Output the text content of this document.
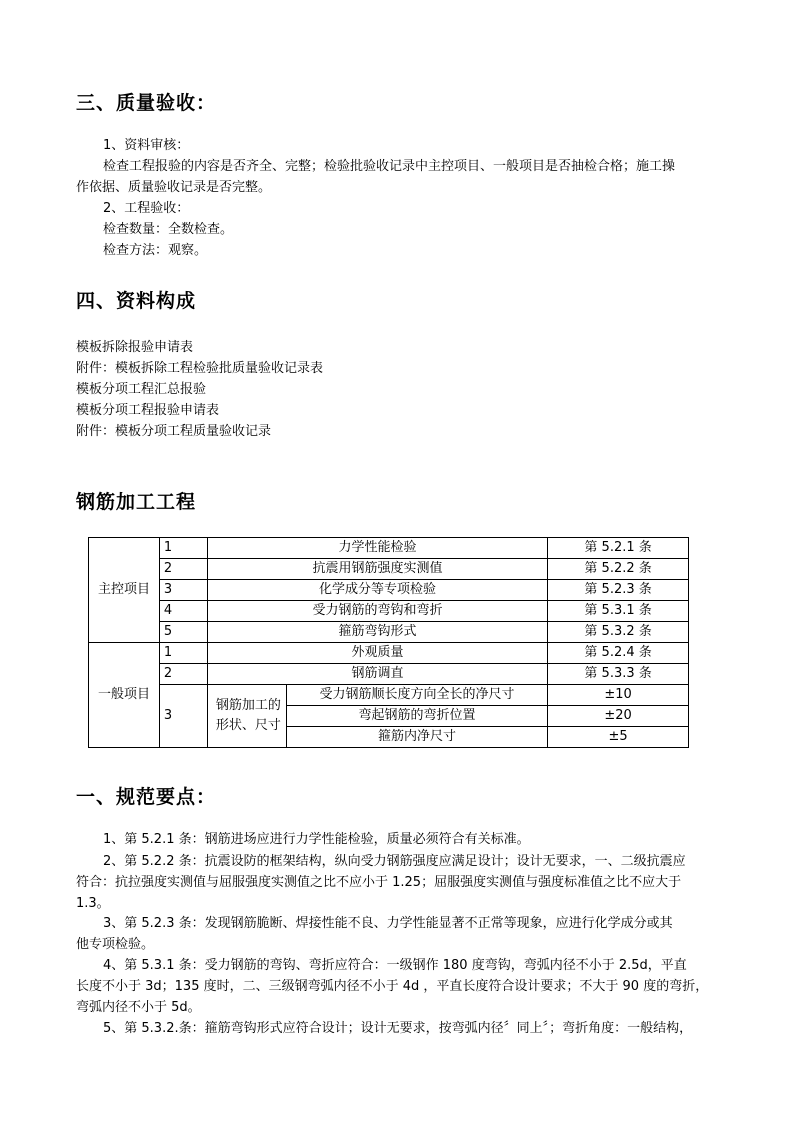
三、质量验收：

1、资料审核：

检查工程报验的内容是否齐全、完整；检验批验收记录中主控项目、一般项目是否抽检合格；施工操

作依据、质量验收记录是否完整。

2、工程验收：

检查数量：全数检查。

检查方法：观察。

四、资料构成

模板拆除报验申请表

附件：模板拆除工程检验批质量验收记录表

模板分项工程汇总报验

模板分项工程报验申请表

附件：模板分项工程质量验收记录

钢筋加工工程
主控项目	1	力学性能检验		第 5.2.1 条
	2	抗震用钢筋强度实测值		第 5.2.2 条
	3	化学成分等专项检验		第 5.2.3 条
	4	受力钢筋的弯钩和弯折		第 5.3.1 条
	5	箍筋弯钩形式		第 5.3.2 条
一般项目	1	外观质量		第 5.2.4 条
	2	钢筋调直		第 5.3.3 条
	3	钢筋加工的形状、尺寸	受力钢筋顺长度方向全长的净尺寸	±10
			弯起钢筋的弯折位置	±20
			箍筋内净尺寸	±5
一、规范要点：

1、第 5.2.1 条：钢筋进场应进行力学性能检验，质量必须符合有关标准。

2、第 5.2.2 条：抗震设防的框架结构，纵向受力钢筋强度应满足设计；设计无要求，一、二级抗震应

符合：抗拉强度实测值与屈服强度实测值之比不应小于 1.25；屈服强度实测值与强度标准值之比不应大于

1.3。

3、第 5.2.3 条：发现钢筋脆断、焊接性能不良、力学性能显著不正常等现象，应进行化学成分或其

他专项检验。

4、第 5.3.1 条：受力钢筋的弯钩、弯折应符合：一级钢作 180 度弯钩，弯弧内径不小于 2.5d，平直

长度不小于 3d；135 度时，二、三级钢弯弧内径不小于 4d ，平直长度符合设计要求；不大于 90 度的弯折，

弯弧内径不小于 5d。

5、第 5.3.2.条：箍筋弯钩形式应符合设计；设计无要求，按弯弧内径〞同上〞；弯折角度：一般结构，
